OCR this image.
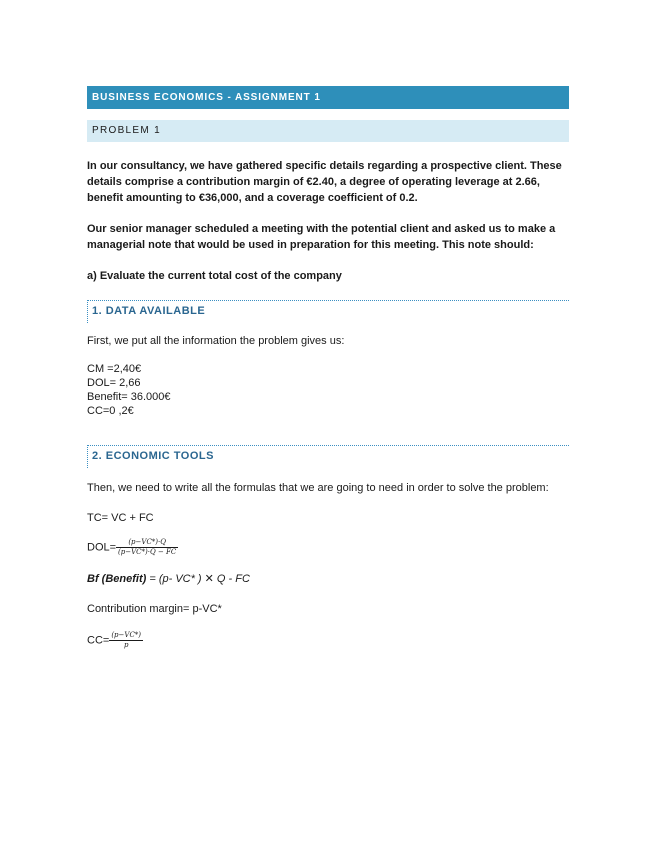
BUSINESS ECONOMICS - ASSIGNMENT 1
PROBLEM 1

In our consultancy, we have gathered specific details regarding a prospective client. These details comprise a contribution margin of €2.40, a degree of operating leverage at 2.66, benefit amounting to €36,000, and a coverage coefficient of 0.2.

Our senior manager scheduled a meeting with the potential client and asked us to make a managerial note that would be used in preparation for this meeting. This note should:

a) Evaluate the current total cost of the company

1. DATA AVAILABLE

First, we put all the information the problem gives us:

CM =2,40€

DOL= 2,66

Benefit= 36.000€

CC=0 ,2€

2. ECONOMIC TOOLS

Then, we need to write all the formulas that we are going to need in order to solve the problem:

TC= VC + FC

$DOL= \frac{(p-VC*)\cdot Q}{(p-VC*)\cdot Q - FC}$

Bf (Benefit) = (p- VC* ) ✕ Q - FC

Contribution margin= p-VC*

$CC= \frac{(p-VC*)}{p}$
